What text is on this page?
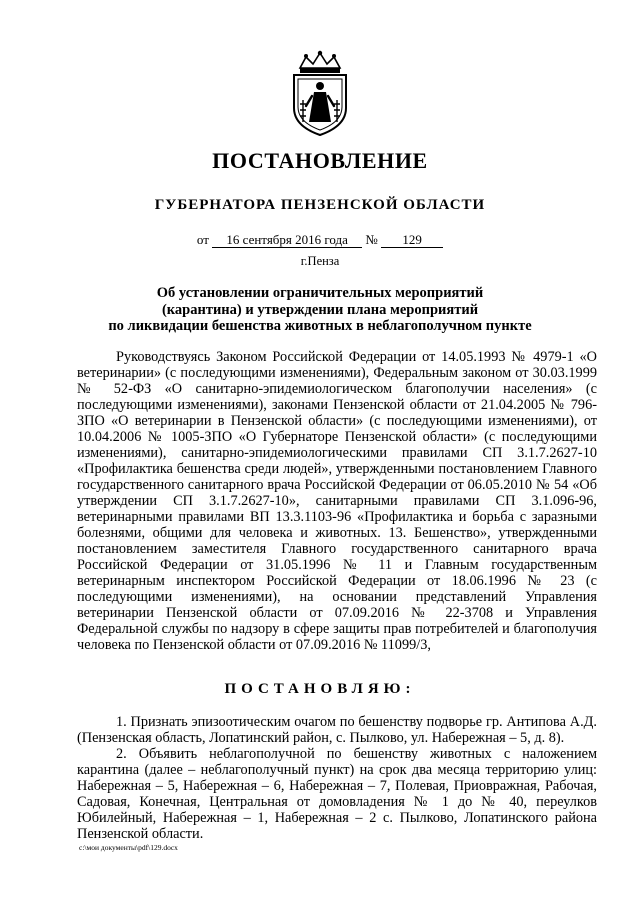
ПОСТАНОВЛЕНИЕ
ГУБЕРНАТОРА ПЕНЗЕНСКОЙ ОБЛАСТИ
от 16 сентября 2016 года № 129
г.Пенза
Об установлении ограничительных мероприятий
(карантина) и утверждении плана мероприятий
по ликвидации бешенства животных в неблагополучном пункте

Руководствуясь Законом Российской Федерации от 14.05.1993 № 4979-1 «О ветеринарии» (с последующими изменениями), Федеральным законом от 30.03.1999 № 52-ФЗ «О санитарно-эпидемиологическом благополучии населения» (с последующими изменениями), законами Пензенской области от 21.04.2005 № 796-ЗПО «О ветеринарии в Пензенской области» (с последующими изменениями), от 10.04.2006 № 1005-ЗПО «О Губернаторе Пензенской области» (с последующими изменениями), санитарно-эпидемиологическими правилами СП 3.1.7.2627-10 «Профилактика бешенства среди людей», утвержденными постановлением Главного государственного санитарного врача Российской Федерации от 06.05.2010 № 54 «Об утверждении СП 3.1.7.2627-10», санитарными правилами СП 3.1.096-96, ветеринарными правилами ВП 13.3.1103-96 «Профилактика и борьба с заразными болезнями, общими для человека и животных. 13. Бешенство», утвержденными постановлением заместителя Главного государственного санитарного врача Российской Федерации от 31.05.1996 № 11 и Главным государственным ветеринарным инспектором Российской Федерации от 18.06.1996 № 23 (с последующими изменениями), на основании представлений Управления ветеринарии Пензенской области от 07.09.2016 № 22-3708 и Управления Федеральной службы по надзору в сфере защиты прав потребителей и благополучия человека по Пензенской области от 07.09.2016 № 11099/3,

ПОСТАНОВЛЯЮ:

1. Признать эпизоотическим очагом по бешенству подворье гр. Антипова А.Д. (Пензенская область, Лопатинский район, с. Пылково, ул. Набережная – 5, д. 8).

2. Объявить неблагополучной по бешенству животных с наложением карантина (далее – неблагополучный пункт) на срок два месяца территорию улиц: Набережная – 5, Набережная – 6, Набережная – 7, Полевая, Приовражная, Рабочая, Садовая, Конечная, Центральная от домовладения № 1 до № 40, переулков Юбилейный, Набережная – 1, Набережная – 2 с. Пылково, Лопатинского района Пензенской области.

c:\мои документы\pdf\129.docx
